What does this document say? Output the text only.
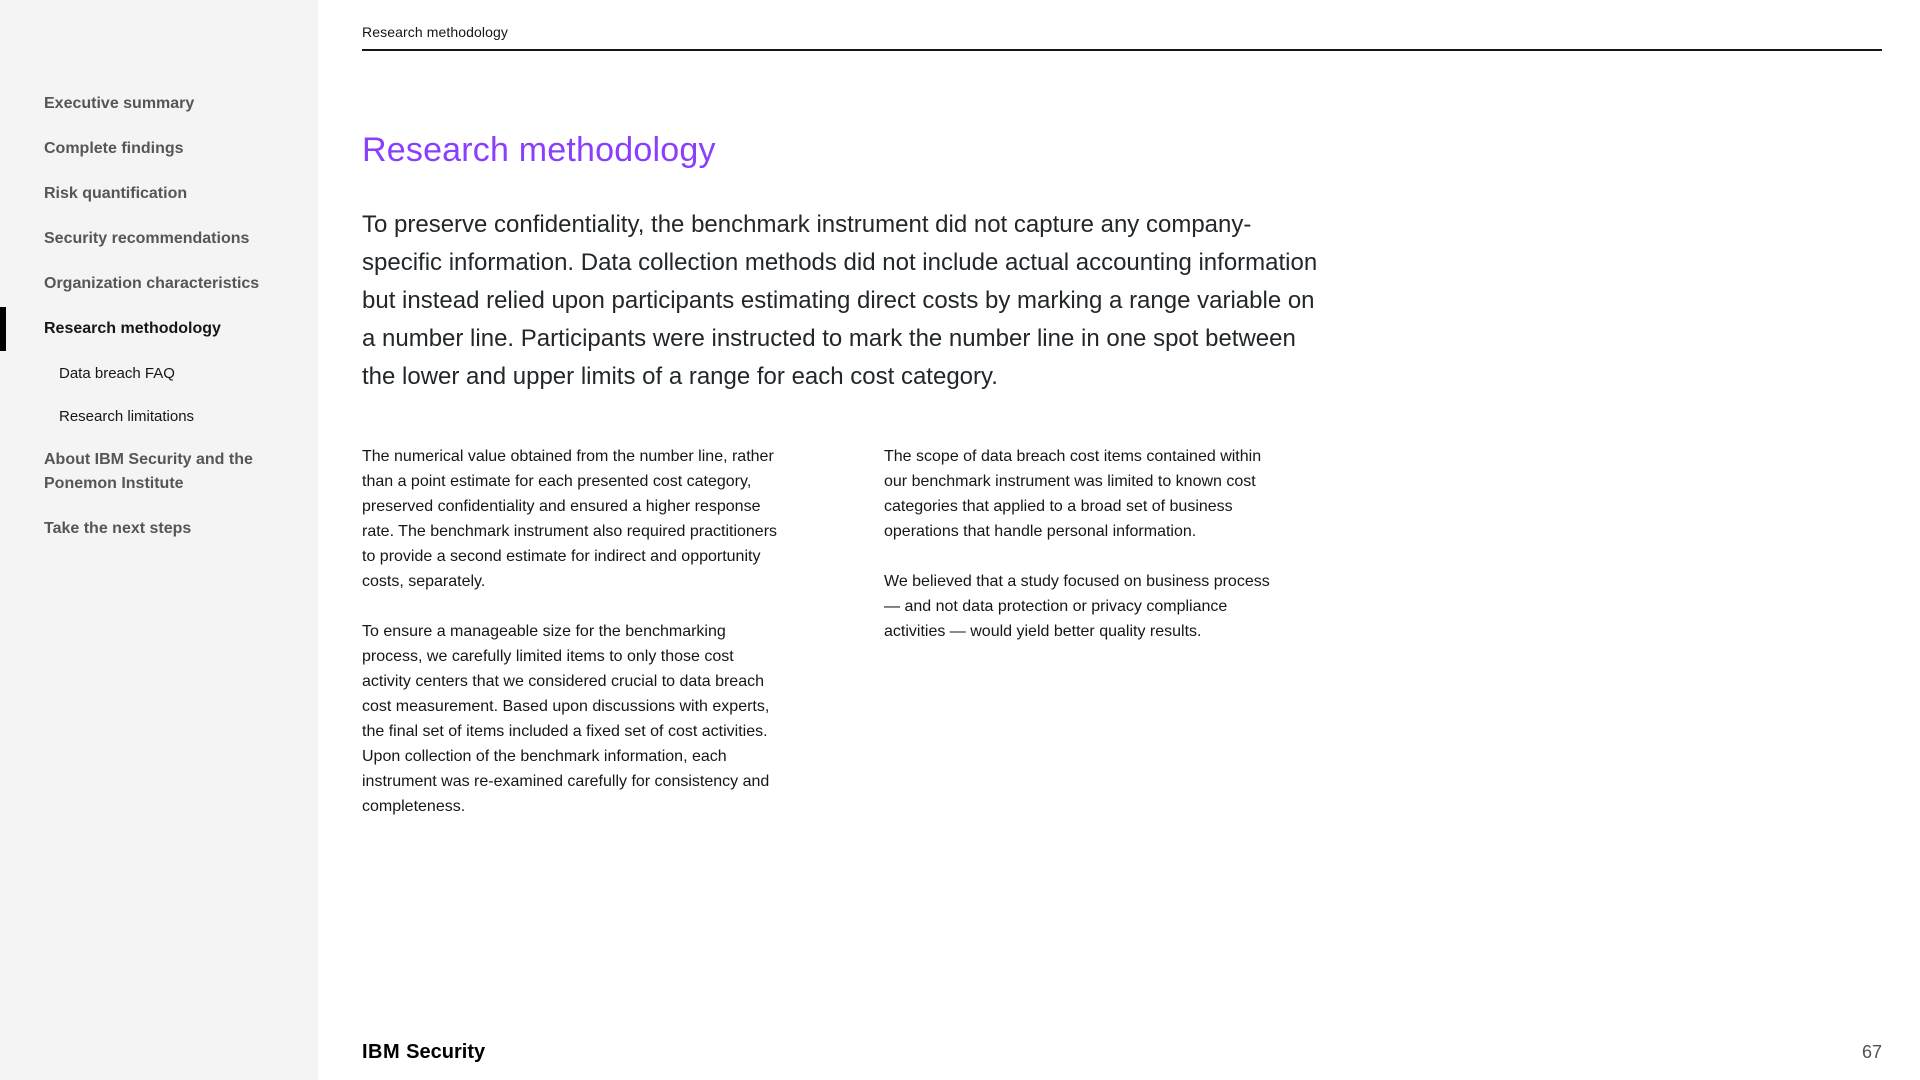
Executive summary
Complete findings
Risk quantification
Security recommendations
Organization characteristics
Research methodology
Data breach FAQ
Research limitations
About IBM Security and the Ponemon Institute
Take the next steps
Research methodology
Research methodology

To preserve confidentiality, the benchmark instrument did not capture any company-specific information. Data collection methods did not include actual accounting information but instead relied upon participants estimating direct costs by marking a range variable on a number line. Participants were instructed to mark the number line in one spot between the lower and upper limits of a range for each cost category.

The numerical value obtained from the number line, rather than a point estimate for each presented cost category, preserved confidentiality and ensured a higher response rate. The benchmark instrument also required practitioners to provide a second estimate for indirect and opportunity costs, separately.

To ensure a manageable size for the benchmarking process, we carefully limited items to only those cost activity centers that we considered crucial to data breach cost measurement. Based upon discussions with experts, the final set of items included a fixed set of cost activities. Upon collection of the benchmark information, each instrument was re-examined carefully for consistency and completeness.

The scope of data breach cost items contained within our benchmark instrument was limited to known cost categories that applied to a broad set of business operations that handle personal information.

We believed that a study focused on business process — and not data protection or privacy compliance activities — would yield better quality results.

IBM Security	67
